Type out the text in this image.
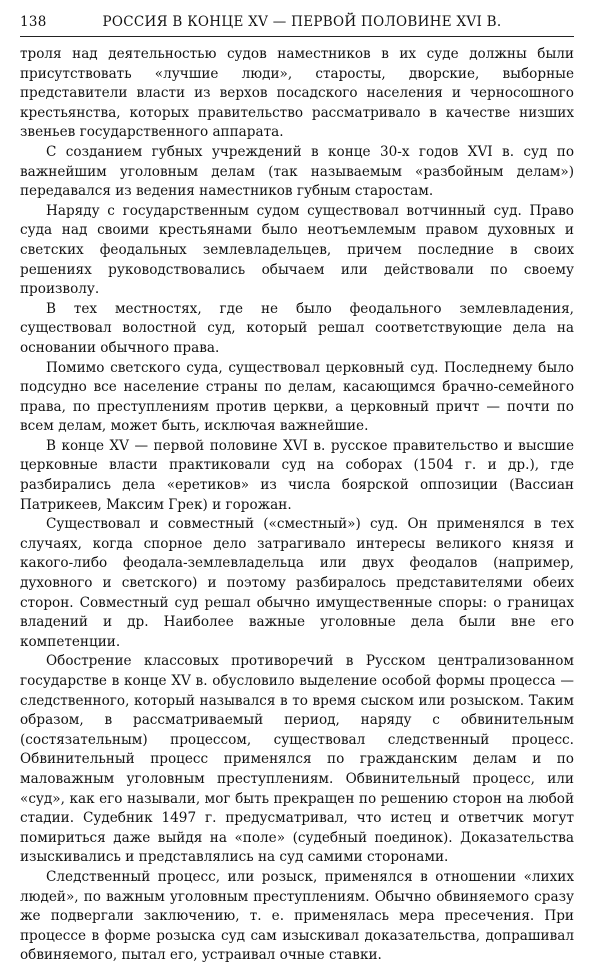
138	РОССИЯ В КОНЦЕ XV — ПЕРВОЙ ПОЛОВИНЕ XVI В.

троля над деятельностью судов наместников в их суде должны были присутствовать «лучшие люди», старосты, дворские, выборные представители власти из верхов посадского населения и черносошного крестьянства, которых правительство рассматривало в качестве низших звеньев государственного аппарата.

С созданием губных учреждений в конце 30-х годов XVI в. суд по важнейшим уголовным делам (так называемым «разбойным делам») передавался из ведения наместников губным старостам.

Наряду с государственным судом существовал вотчинный суд. Право суда над своими крестьянами было неотъемлемым правом духовных и светских феодальных землевладельцев, причем последние в своих решениях руководствовались обычаем или действовали по своему произволу.

В тех местностях, где не было феодального землевладения, существовал волостной суд, который решал соответствующие дела на основании обычного права.

Помимо светского суда, существовал церковный суд. Последнему было подсудно все население страны по делам, касающимся брачно-семейного права, по преступлениям против церкви, а церковный причт — почти по всем делам, может быть, исключая важнейшие.

В конце XV — первой половине XVI в. русское правительство и высшие церковные власти практиковали суд на соборах (1504 г. и др.), где разбирались дела «еретиков» из числа боярской оппозиции (Вассиан Патрикеев, Максим Грек) и горожан.

Существовал и совместный («сместный») суд. Он применялся в тех случаях, когда спорное дело затрагивало интересы великого князя и какого-либо феодала-землевладельца или двух феодалов (например, духовного и светского) и поэтому разбиралось представителями обеих сторон. Совместный суд решал обычно имущественные споры: о границах владений и др. Наиболее важные уголовные дела были вне его компетенции.

Обострение классовых противоречий в Русском централизованном государстве в конце XV в. обусловило выделение особой формы процесса — следственного, который назывался в то время сыском или розыском. Таким образом, в рассматриваемый период, наряду с обвинительным (состязательным) процессом, существовал следственный процесс. Обвинительный процесс применялся по гражданским делам и по маловажным уголовным преступлениям. Обвинительный процесс, или «суд», как его называли, мог быть прекращен по решению сторон на любой стадии. Судебник 1497 г. предусматривал, что истец и ответчик могут помириться даже выйдя на «поле» (судебный поединок). Доказательства изыскивались и представлялись на суд самими сторонами.

Следственный процесс, или розыск, применялся в отношении «лихих людей», по важным уголовным преступлениям. Обычно обвиняемого сразу же подвергали заключению, т. е. применялась мера пресечения. При процессе в форме розыска суд сам изыскивал доказательства, допрашивал обвиняемого, пытал его, устраивал очные ставки.
